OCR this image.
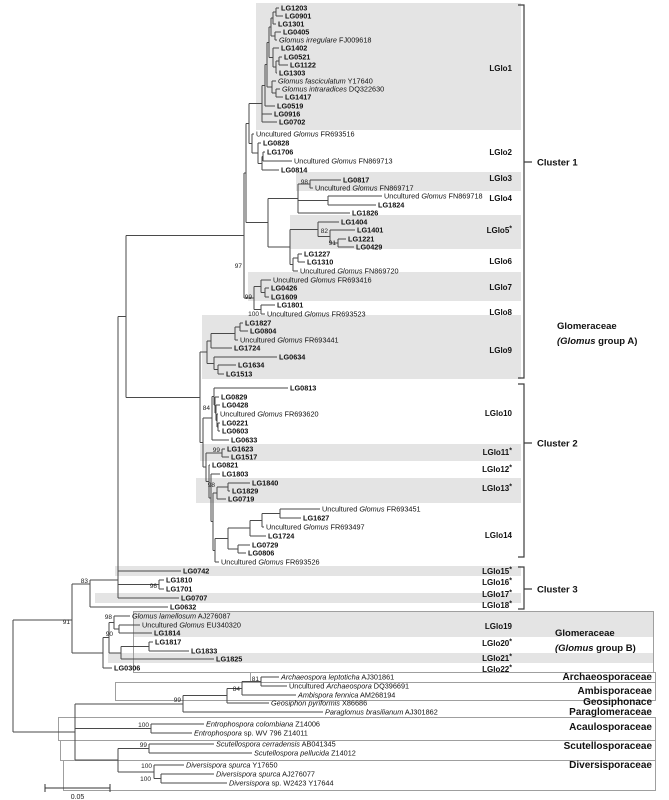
LG1203
LG0901
LG1301
LG0405
Glomus irregulare FJ009618
LG1402
LG0521
LG1122
LG1303
Glomus fasciculatum Y17640
Glomus intraradices DQ322630
LG1417
LG0519
LG0916
LG0702
Uncultured Glomus FR693516
LG0828
LG1706
Uncultured Glomus FN869713
LG0814
LG0817
Uncultured Glomus FN869717
Uncultured Glomus FN869718
LG1824
LG1826
LG1404
LG1401
LG1221
LG0429
LG1227
LG1310
Uncultured Glomus FN869720
Uncultured Glomus FR693416
LG0426
LG1609
LG1801
Uncultured Glomus FR693523
LG1827
LG0804
Uncultured Glomus FR693441
LG1724
LG0634
LG1634
LG1513
LG0813
LG0829
LG0428
Uncultured Glomus FR693620
LG0221
LG0603
LG0633
LG1623
LG1517
LG0821
LG1803
LG1840
LG1829
LG0719
Uncultured Glomus FR693451
LG1627
Uncultured Glomus FR693497
LG1724
LG0729
LG0806
Uncultured Glomus FR693526
LG0742
LG1810
LG1701
LG0707
LG0632
Glomus lamellosum AJ276087
Uncultured Glomus EU340320
LG1814
LG1817
LG1833
LG1825
LG0306
Archaeospora leptoticha AJ301861
Uncultured Archaeospora DQ396691
Ambispora fennica AM268194
Geosiphon pyriformis X86686
Paraglomus brasilianum AJ301862
Entrophospora colombiana Z14006
Entrophospora sp. WV 796 Z14011
Scutellospora cerradensis AB041345
Scutellospora pellucida Z14012
Diversispora spurca Y17650
Diversispora spurca AJ276077
Diversispora sp. W2423 Y17644
98
82
91
97
99
100
84
99
98
83
96
91
98
90
81
84
99
100
99
100
100
LGlo1
LGlo2
LGlo3
LGlo4
LGlo5*
LGlo6
LGlo7
LGlo8
LGlo9
LGlo10
LGlo11*
LGlo12*
LGlo13*
LGlo14
LGlo15*
LGlo16*
LGlo17*
LGlo18*
LGlo19
LGlo20*
LGlo21*
LGlo22*
Cluster 1
Cluster 2
Cluster 3
Glomeraceae
(Glomus group A)
Glomeraceae
(Glomus group B)
Archaeosporaceae
Ambisporaceae
Geosiphonace
Paraglomeraceae
Acaulosporaceae
Scutellosporaceae
Diversisporaceae
0.05
